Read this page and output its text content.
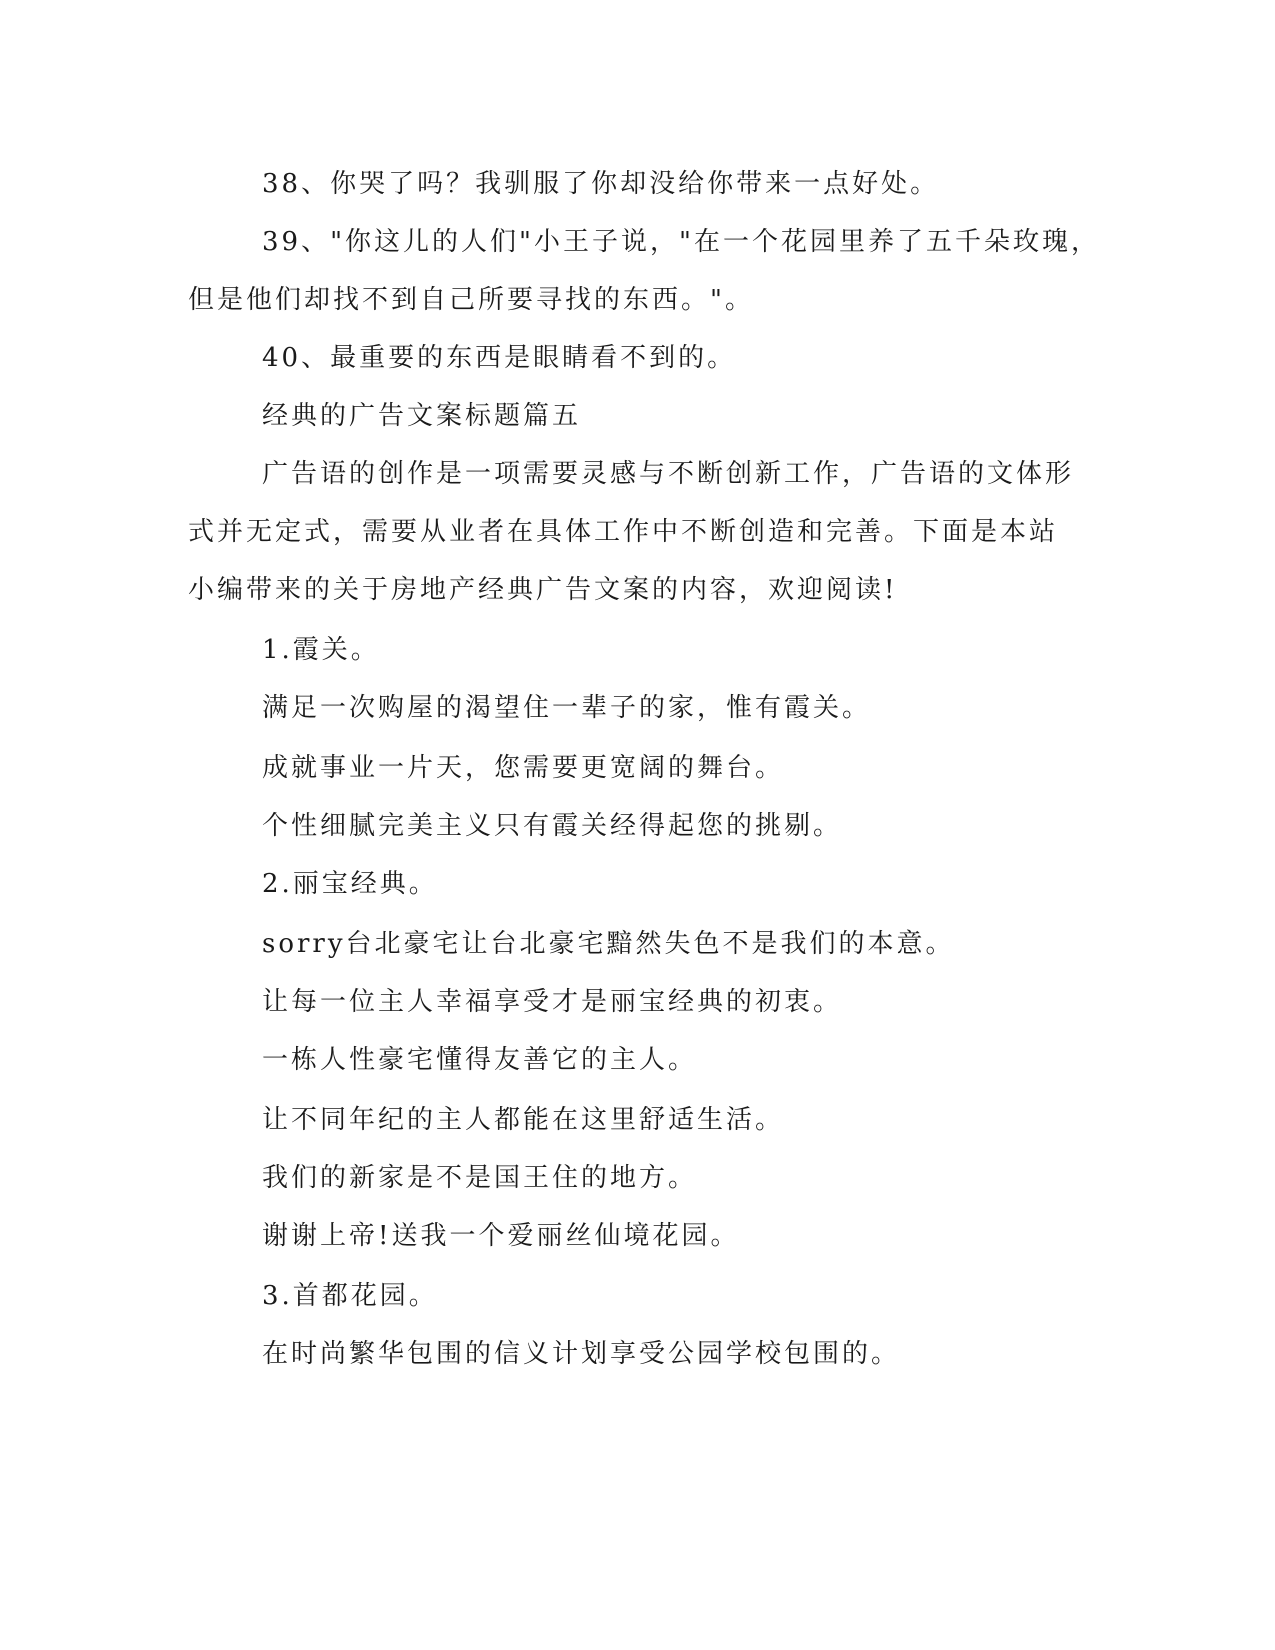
38、你哭了吗？我驯服了你却没给你带来一点好处。
39、"你这儿的人们"小王子说，"在一个花园里养了五千朵玫瑰，
但是他们却找不到自己所要寻找的东西。"。
40、最重要的东西是眼睛看不到的。
经典的广告文案标题篇五
广告语的创作是一项需要灵感与不断创新工作，广告语的文体形
式并无定式，需要从业者在具体工作中不断创造和完善。下面是本站
小编带来的关于房地产经典广告文案的内容，欢迎阅读!
1.霞关。
满足一次购屋的渴望住一辈子的家，惟有霞关。
成就事业一片天，您需要更宽阔的舞台。
个性细腻完美主义只有霞关经得起您的挑剔。
2.丽宝经典。
sorry台北豪宅让台北豪宅黯然失色不是我们的本意。
让每一位主人幸福享受才是丽宝经典的初衷。
一栋人性豪宅懂得友善它的主人。
让不同年纪的主人都能在这里舒适生活。
我们的新家是不是国王住的地方。
谢谢上帝!送我一个爱丽丝仙境花园。
3.首都花园。
在时尚繁华包围的信义计划享受公园学校包围的。
